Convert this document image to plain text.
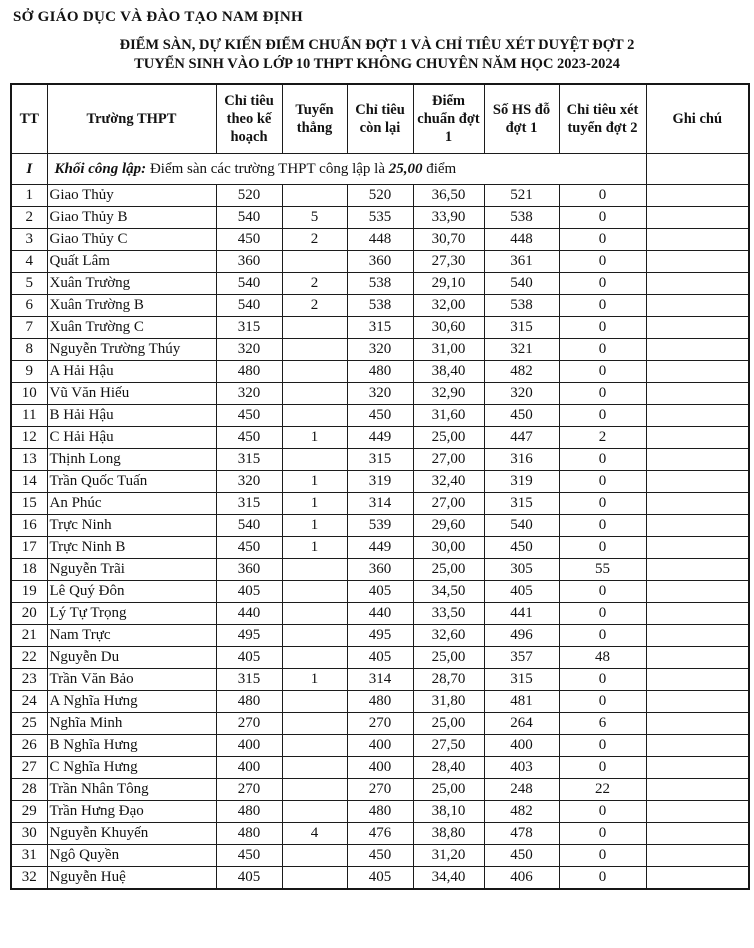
SỞ GIÁO DỤC VÀ ĐÀO TẠO NAM ĐỊNH
ĐIỂM SÀN, DỰ KIẾN ĐIỂM CHUẨN ĐỢT 1 VÀ CHỈ TIÊU XÉT DUYỆT ĐỢT 2
TUYỂN SINH VÀO LỚP 10 THPT KHÔNG CHUYÊN NĂM HỌC 2023-2024
TT	Trường THPT	Chỉ tiêu theo kế hoạch	Tuyển thẳng	Chỉ tiêu còn lại	Điểm chuẩn đợt 1	Số HS đỗ đợt 1	Chỉ tiêu xét tuyển đợt 2	Ghi chú
I	Khối công lập: Điểm sàn các trường THPT công lập là 25,00 điểm							
1	Giao Thủy	520		520	36,50	521	0	
2	Giao Thủy B	540	5	535	33,90	538	0	
3	Giao Thủy C	450	2	448	30,70	448	0	
4	Quất Lâm	360		360	27,30	361	0	
5	Xuân Trường	540	2	538	29,10	540	0	
6	Xuân Trường B	540	2	538	32,00	538	0	
7	Xuân Trường C	315		315	30,60	315	0	
8	Nguyễn Trường Thúy	320		320	31,00	321	0	
9	A Hải Hậu	480		480	38,40	482	0	
10	Vũ Văn Hiếu	320		320	32,90	320	0	
11	B Hải Hậu	450		450	31,60	450	0	
12	C Hải Hậu	450	1	449	25,00	447	2	
13	Thịnh Long	315		315	27,00	316	0	
14	Trần Quốc Tuấn	320	1	319	32,40	319	0	
15	An Phúc	315	1	314	27,00	315	0	
16	Trực Ninh	540	1	539	29,60	540	0	
17	Trực Ninh B	450	1	449	30,00	450	0	
18	Nguyễn Trãi	360		360	25,00	305	55	
19	Lê Quý Đôn	405		405	34,50	405	0	
20	Lý Tự Trọng	440		440	33,50	441	0	
21	Nam Trực	495		495	32,60	496	0	
22	Nguyễn Du	405		405	25,00	357	48	
23	Trần Văn Bảo	315	1	314	28,70	315	0	
24	A Nghĩa Hưng	480		480	31,80	481	0	
25	Nghĩa Minh	270		270	25,00	264	6	
26	B Nghĩa Hưng	400		400	27,50	400	0	
27	C Nghĩa Hưng	400		400	28,40	403	0	
28	Trần Nhân Tông	270		270	25,00	248	22	
29	Trần Hưng Đạo	480		480	38,10	482	0	
30	Nguyễn Khuyến	480	4	476	38,80	478	0	
31	Ngô Quyền	450		450	31,20	450	0	
32	Nguyễn Huệ	405		405	34,40	406	0	
